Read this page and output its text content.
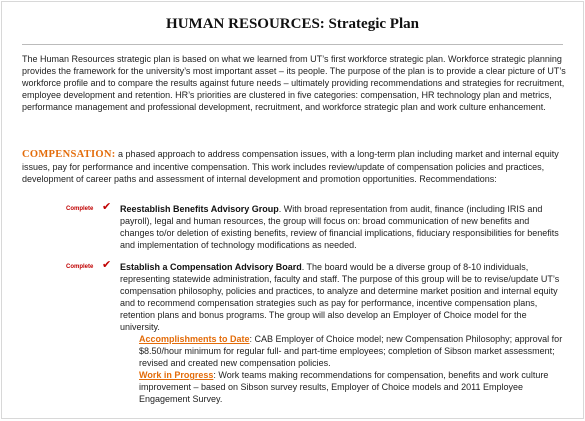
HUMAN RESOURCES: Strategic Plan

The Human Resources strategic plan is based on what we learned from UT’s first workforce strategic plan. Workforce strategic planning provides the framework for the university’s most important asset – its people. The purpose of the plan is to provide a clear picture of UT’s workforce profile and to compare the results against future needs – ultimately providing recommendations and strategies for recruitment, employee development and retention. HR’s priorities are clustered in five categories: compensation, HR technology plan and metrics, performance management and professional development, recruitment, and workforce strategic plan and work culture enhancement.

COMPENSATION: a phased approach to address compensation issues, with a long-term plan including market and internal equity issues, pay for performance and incentive compensation. This work includes review/update of compensation policies and practices, development of career paths and assessment of internal development and promotion opportunities. Recommendations:

Complete ✔ Reestablish Benefits Advisory Group. With broad representation from audit, finance (including IRIS and payroll), legal and human resources, the group will focus on: broad communication of new benefits and changes to/or deletion of existing benefits, review of financial implications, fiduciary responsibilities for benefits and implementation of technology modifications as needed.

Complete ✔ Establish a Compensation Advisory Board. The board would be a diverse group of 8-10 individuals, representing statewide administration, faculty and staff. The purpose of this group will be to revise/update UT’s compensation philosophy, policies and practices, to analyze and determine market position and internal equity and to recommend compensation strategies such as pay for performance, incentive compensation plans, retention plans and bonus programs. The group will also develop an Employer of Choice model for the university.

Accomplishments to Date: CAB Employer of Choice model; new Compensation Philosophy; approval for $8.50/hour minimum for regular full- and part-time employees; completion of Sibson market assessment; revised and created new compensation policies.

Work in Progress: Work teams making recommendations for compensation, benefits and work culture improvement – based on Sibson survey results, Employer of Choice models and 2011 Employee Engagement Survey.
